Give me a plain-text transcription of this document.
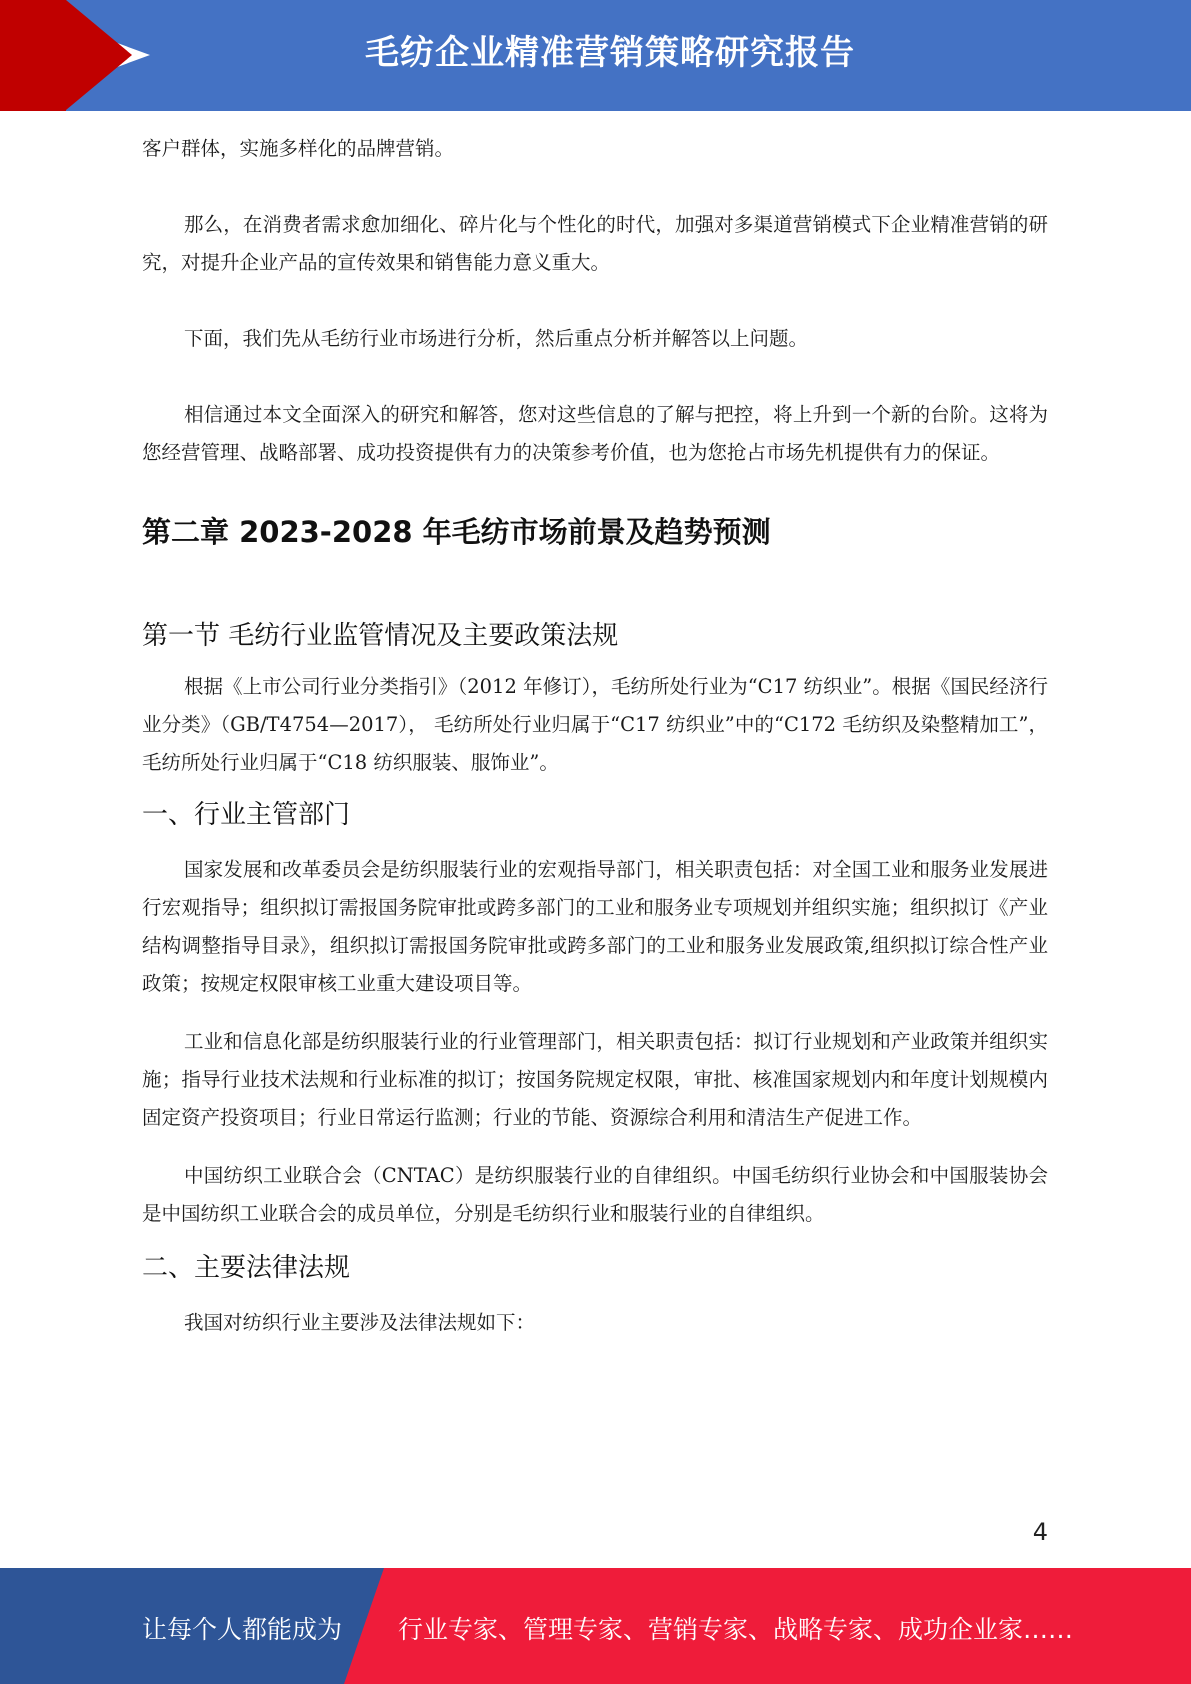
毛纺企业精准营销策略研究报告

客户群体，实施多样化的品牌营销。

那么，在消费者需求愈加细化、碎片化与个性化的时代，加强对多渠道营销模式下企业精准营销的研究，对提升企业产品的宣传效果和销售能力意义重大。

下面，我们先从毛纺行业市场进行分析，然后重点分析并解答以上问题。

相信通过本文全面深入的研究和解答，您对这些信息的了解与把控，将上升到一个新的台阶。这将为您经营管理、战略部署、成功投资提供有力的决策参考价值，也为您抢占市场先机提供有力的保证。

第二章 2023-2028 年毛纺市场前景及趋势预测
第一节 毛纺行业监管情况及主要政策法规

根据《上市公司行业分类指引》（2012 年修订），毛纺所处行业为“C17 纺织业”。根据《国民经济行业分类》（GB/T4754—2017）， 毛纺所处行业归属于“C17 纺织业”中的“C172 毛纺织及染整精加工”，毛纺所处行业归属于“C18 纺织服装、服饰业”。

一、行业主管部门

国家发展和改革委员会是纺织服装行业的宏观指导部门，相关职责包括：对全国工业和服务业发展进行宏观指导；组织拟订需报国务院审批或跨多部门的工业和服务业专项规划并组织实施；组织拟订《产业结构调整指导目录》，组织拟订需报国务院审批或跨多部门的工业和服务业发展政策,组织拟订综合性产业政策；按规定权限审核工业重大建设项目等。

工业和信息化部是纺织服装行业的行业管理部门，相关职责包括：拟订行业规划和产业政策并组织实施；指导行业技术法规和行业标准的拟订；按国务院规定权限，审批、核准国家规划内和年度计划规模内固定资产投资项目；行业日常运行监测；行业的节能、资源综合利用和清洁生产促进工作。

中国纺织工业联合会（CNTAC）是纺织服装行业的自律组织。中国毛纺织行业协会和中国服装协会是中国纺织工业联合会的成员单位，分别是毛纺织行业和服装行业的自律组织。

二、主要法律法规

我国对纺织行业主要涉及法律法规如下：

4
让每个人都能成为 行业专家、管理专家、营销专家、战略专家、成功企业家……
